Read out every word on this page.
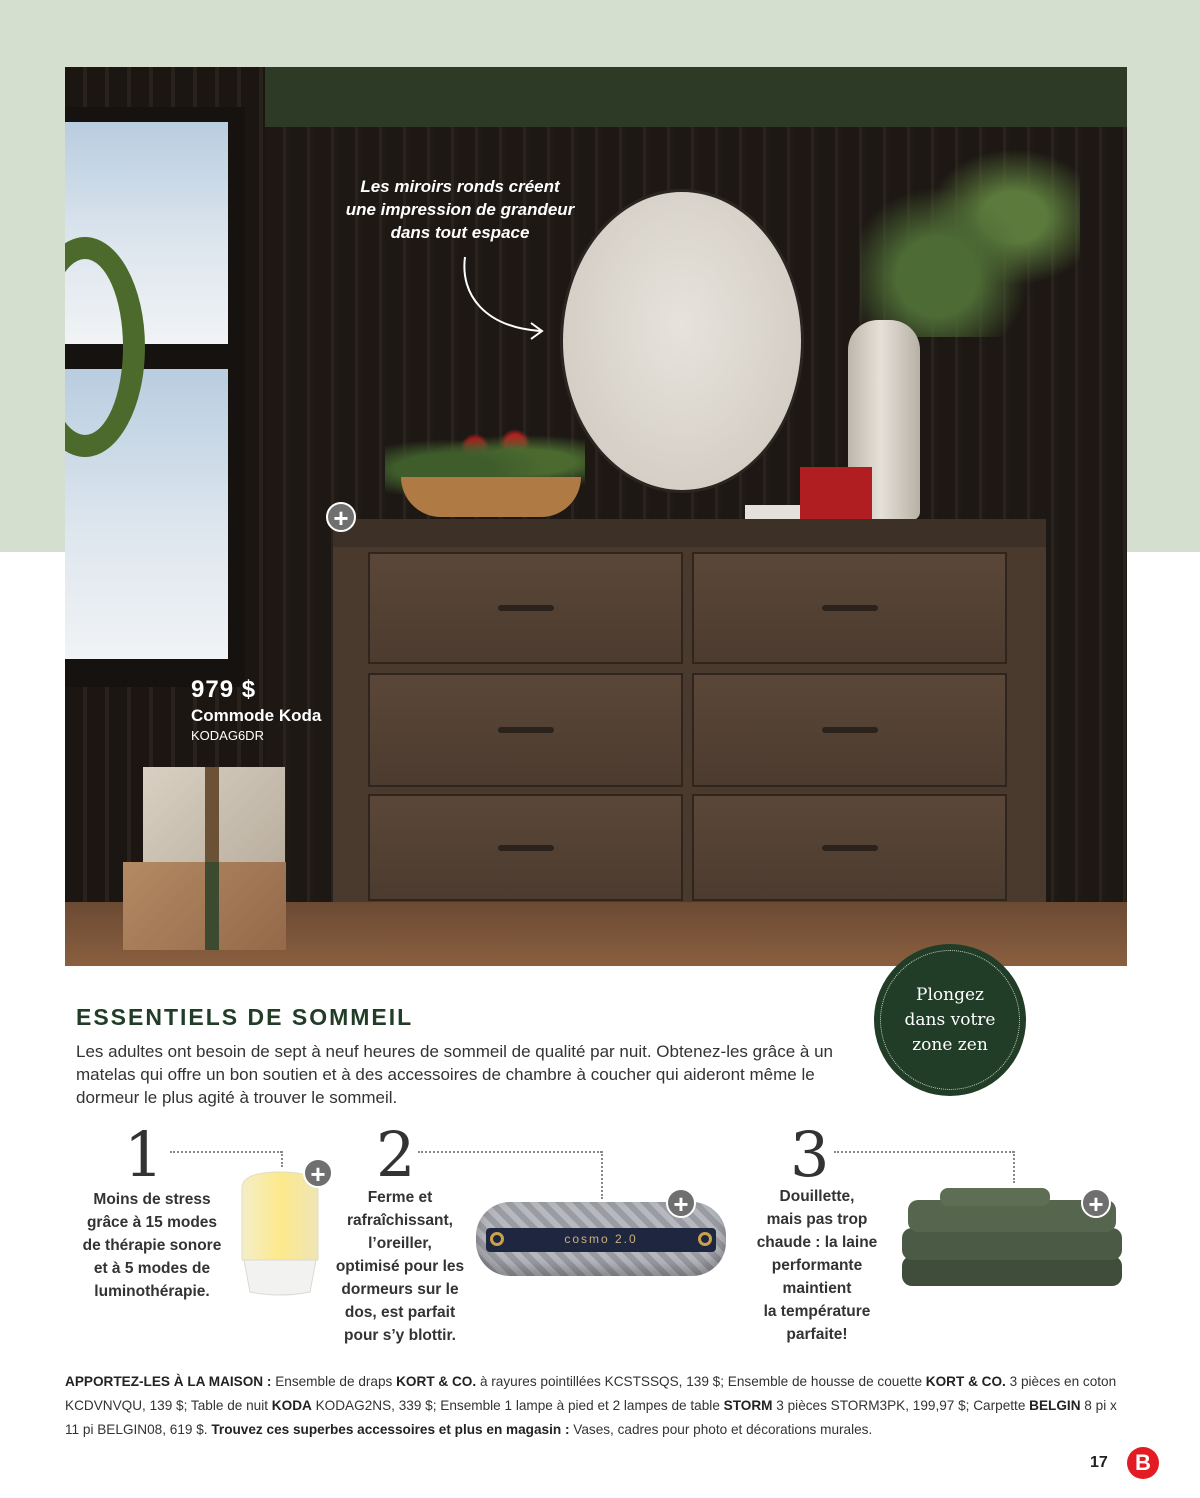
Les miroirs ronds créent
une impression de grandeur
dans tout espace
+
979 $
Commode Koda
KODAG6DR
Plongez
dans votre
zone zen
ESSENTIELS DE SOMMEIL

Les adultes ont besoin de sept à neuf heures de sommeil de qualité par nuit. Obtenez-les grâce à un matelas qui offre un bon soutien et à des accessoires de chambre à coucher qui aideront même le dormeur le plus agité à trouver le sommeil.

1
Moins de stress
grâce à 15 modes
de thérapie sonore
et à 5 modes de
luminothérapie.
+ 2
Ferme et
rafraîchissant,
l’oreiller,
optimisé pour les
dormeurs sur le
dos, est parfait
pour s’y blottir.
cosmo 2.0
+
3
Douillette,
mais pas trop
chaude : la laine
performante
maintient
la température
parfaite!
+

APPORTEZ-LES À LA MAISON : Ensemble de draps KORT & CO. à rayures pointillées KCSTSSQS, 139 $; Ensemble de housse de couette KORT & CO. 3 pièces en coton KCDVNVQU, 139 $; Table de nuit KODA KODAG2NS, 339 $; Ensemble 1 lampe à pied et 2 lampes de table STORM 3 pièces STORM3PK, 199,97 $; Carpette BELGIN 8 pi x 11 pi BELGIN08, 619 $. Trouvez ces superbes accessoires et plus en magasin : Vases, cadres pour photo et décorations murales.

17	B
